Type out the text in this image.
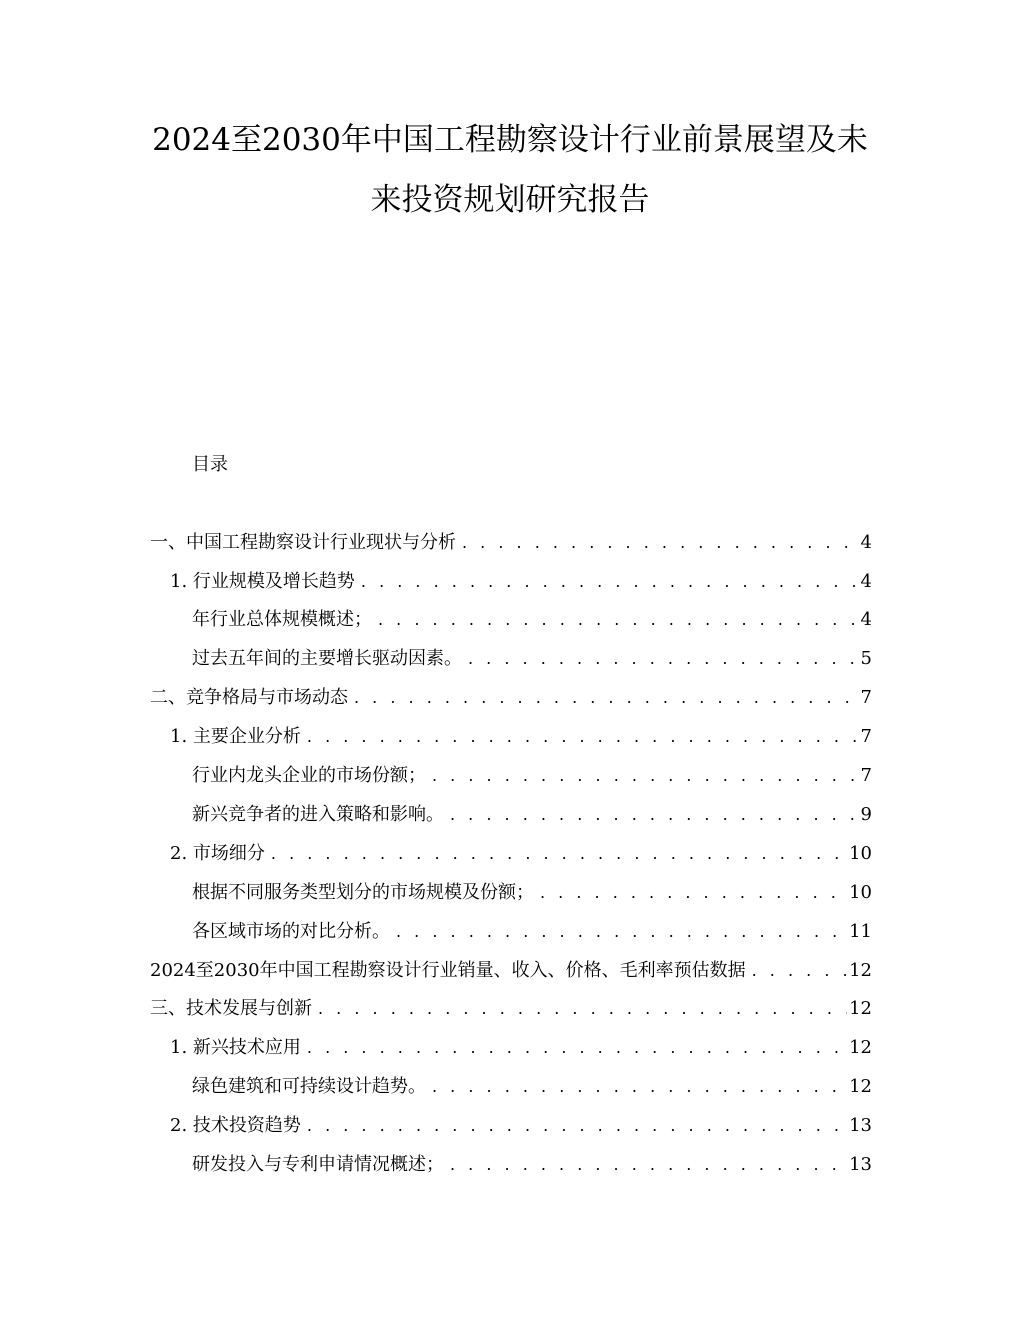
2024至2030年中国工程勘察设计行业前景展望及未
来投资规划研究报告
目录
一、中国工程勘察设计行业现状与分析 . . .	4
1. 行业规模及增长趋势 . . .	4
年行业总体规模概述； . . .	4
过去五年间的主要增长驱动因素。 . . .	5
二、竞争格局与市场动态 . . .	7
1. 主要企业分析 . . .	7
行业内龙头企业的市场份额； . . .	7
新兴竞争者的进入策略和影响。 . . .	9
2. 市场细分 . . .	10
根据不同服务类型划分的市场规模及份额； . . .	10
各区域市场的对比分析。 . . .	11
2024至2030年中国工程勘察设计行业销量、收入、价格、毛利率预估数据 . . .	12
三、技术发展与创新 . . .	12
1. 新兴技术应用 . . .	12
绿色建筑和可持续设计趋势。 . . .	12
2. 技术投资趋势 . . .	13
研发投入与专利申请情况概述； . . .	13
